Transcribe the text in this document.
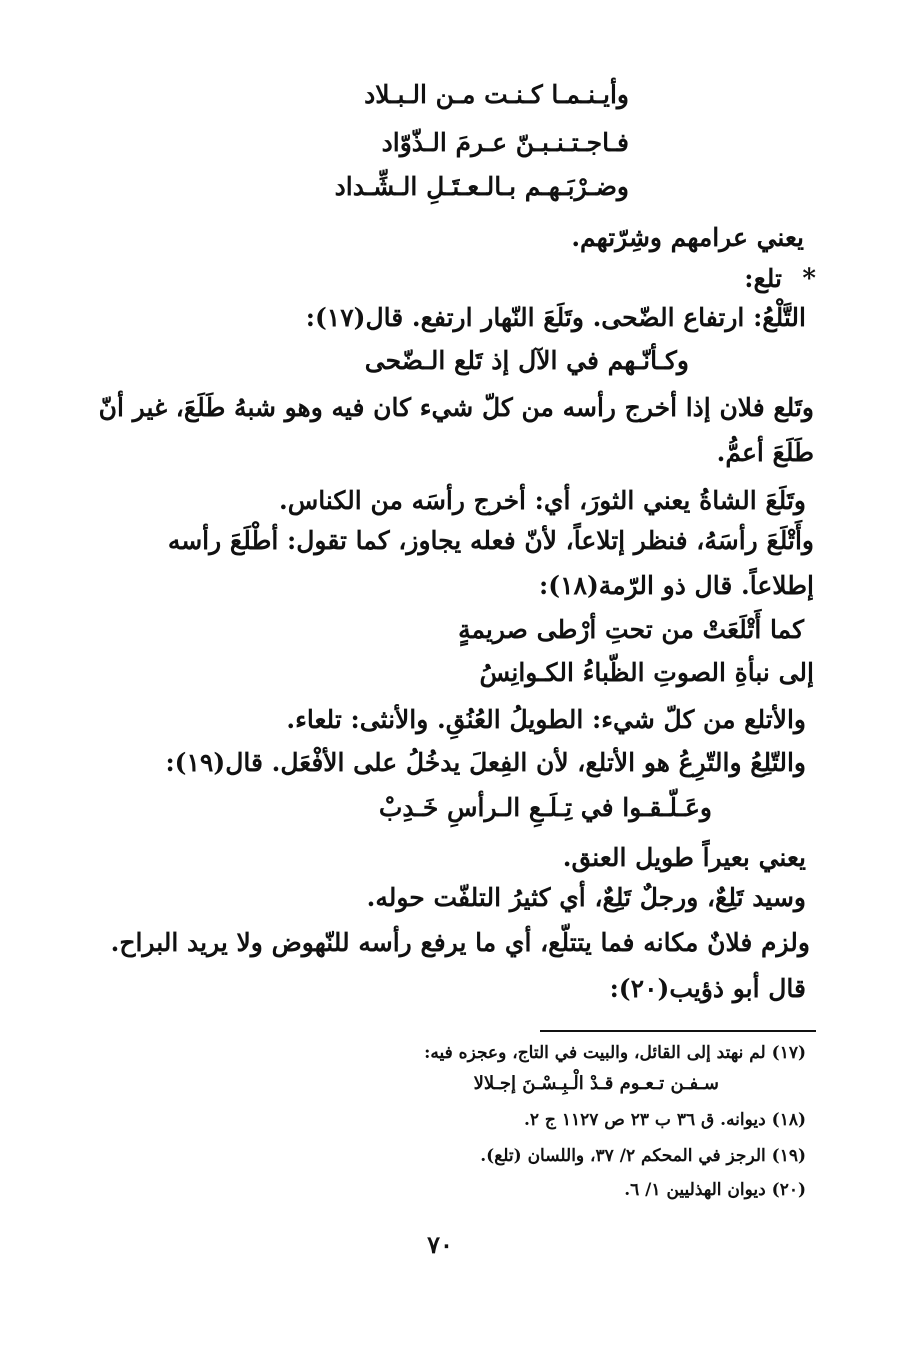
وأيـنـمـا كـنـت مـن الـبـلاد
فـاجـتـنـبـنّ عـرمَ الـذّوّاد
وضـرْبَـهـم بـالـعـتَـلِ الـشِّـداد
يعني عرامهم وشِرّتهم.
*
تلع:
التَّلْعُ: ارتفاع الضّحى. وتَلَعَ النّهار ارتفع. قال(١٧):
وكـأنّـهم في الآل إذ تَلع الـضّحى
وتَلع فلان إذا أخرج رأسه من كلّ شيء كان فيه وهو شبهُ طَلَعَ، غير أنّ
طَلَعَ أعمُّ.
وتَلَعَ الشاةُ يعني الثورَ، أي: أخرج رأسَه من الكناس.
وأَتْلَعَ رأسَهُ، فنظر إتلاعاً، لأنّ فعله يجاوز، كما تقول: أطْلَعَ رأسه
إطلاعاً. قال ذو الرّمة(١٨):
كما أَتْلَعَتْ من تحتِ أرْطى صريمةٍ
إلى نبأةِ الصوتِ الظّباءُ الكـوانِسُ
والأتلع من كلّ شيء: الطويلُ العُنُقِ. والأنثى: تلعاء.
والتّلِعُ والتّرِعُ هو الأتلع، لأن الفِعلَ يدخُلُ على الأفْعَل. قال(١٩):
وعَـلّـقـوا في تِـلَـعِ الـرأسِ خَـدِبْ
يعني بعيراً طويل العنق.
وسيد تَلِعٌ، ورجلٌ تَلِعٌ، أي كثيرُ التلفّت حوله.
ولزم فلانٌ مكانه فما يتتلّع، أي ما يرفع رأسه للنّهوض ولا يريد البراح.
قال أبو ذؤيب(٢٠):
(١٧) لم نهتد إلى القائل، والبيت في التاج، وعجزه فيه:
سـفـن تـعـوم قـدْ الْـبِـسْـنَ إجـلالا
(١٨) ديوانه. ق ٣٦ ب ٢٣ ص ١١٢٧ ج ٢.
(١٩) الرجز في المحكم ٢/ ٣٧، واللسان (تلع).
(٢٠) ديوان الهذليين ١/ ٦.
٧٠
